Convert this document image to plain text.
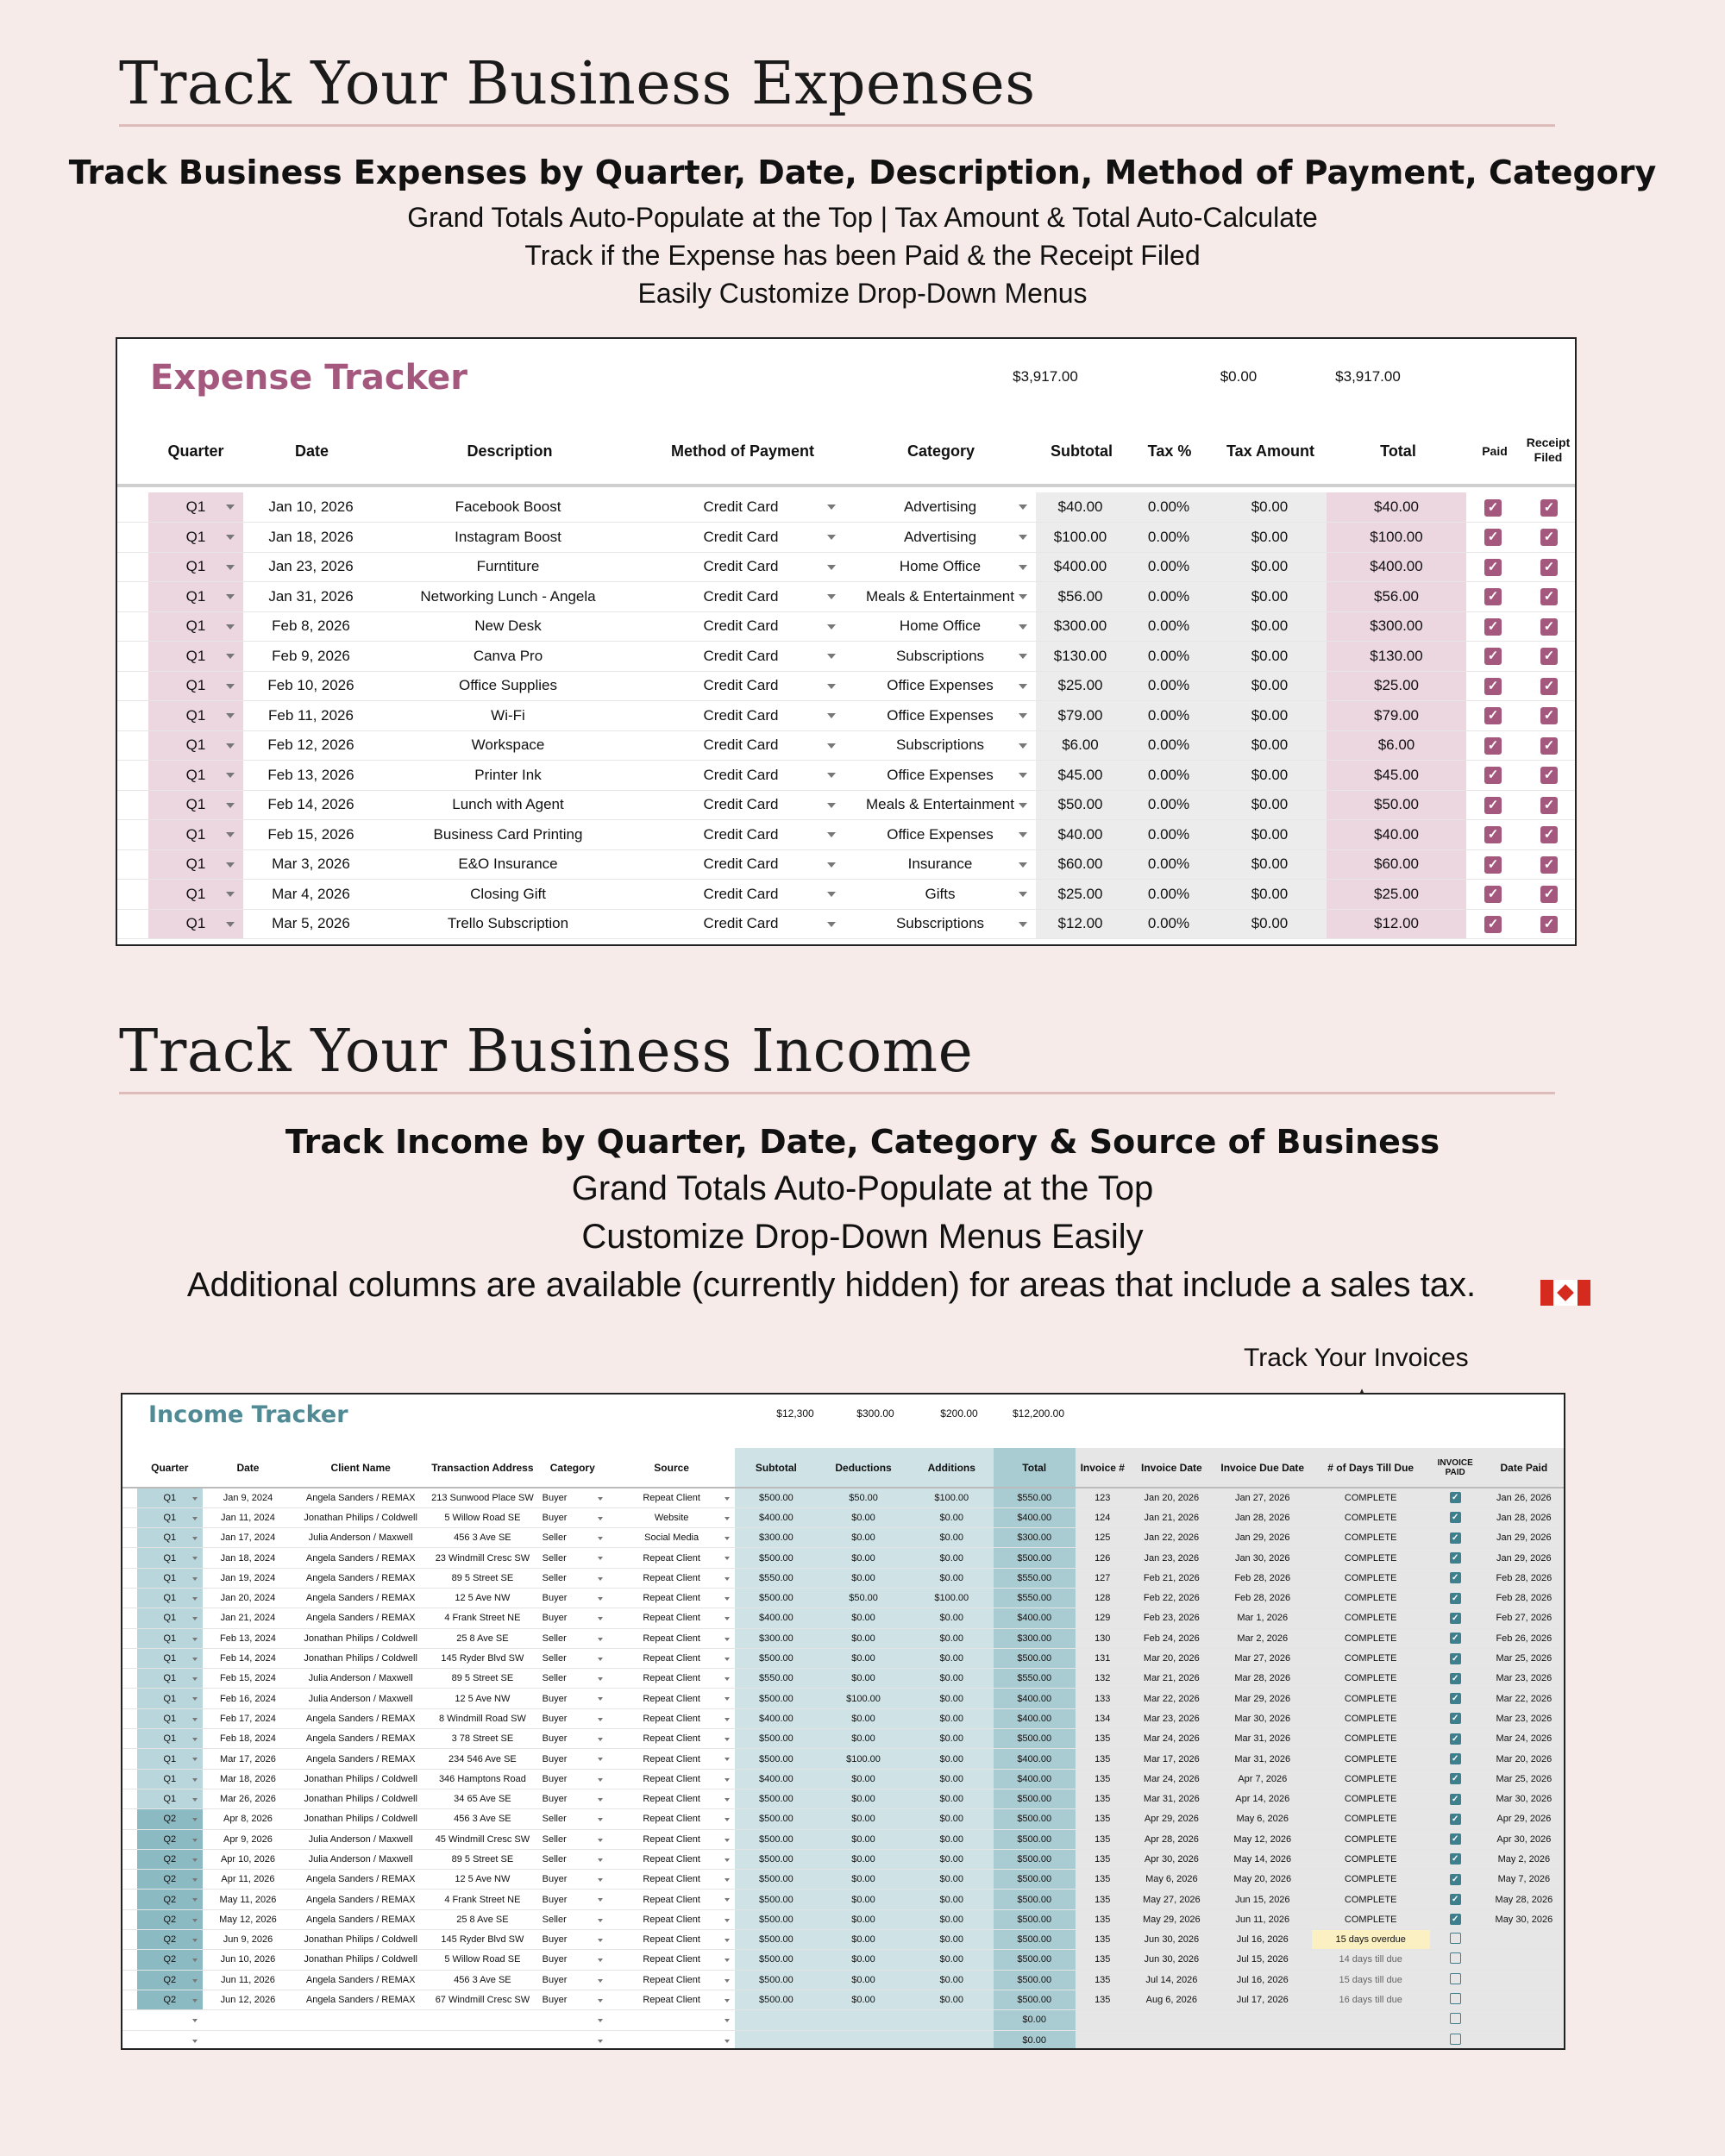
Track Your Business Expenses
Track Business Expenses by Quarter, Date, Description, Method of Payment, Category
Grand Totals Auto-Populate at the Top | Tax Amount & Total Auto-Calculate
Track if the Expense has been Paid & the Receipt Filed
Easily Customize Drop-Down Menus
Expense Tracker	$3,917.00	$0.00	$3,917.00
Quarter	Date	Description	Method of Payment	Category	Subtotal	Tax %	Tax Amount	Total	Paid
Receipt Filed
	Q1	Jan 10, 2026	Facebook Boost	Credit Card	Advertising	$40.00	0.00%	$0.00	$40.00	✓	✓
	Q1	Jan 18, 2026	Instagram Boost	Credit Card	Advertising	$100.00	0.00%	$0.00	$100.00	✓	✓
	Q1	Jan 23, 2026	Furntiture	Credit Card	Home Office	$400.00	0.00%	$0.00	$400.00	✓	✓
	Q1	Jan 31, 2026	Networking Lunch - Angela	Credit Card	Meals & Entertainment	$56.00	0.00%	$0.00	$56.00	✓	✓
	Q1	Feb 8, 2026	New Desk	Credit Card	Home Office	$300.00	0.00%	$0.00	$300.00	✓	✓
	Q1	Feb 9, 2026	Canva Pro	Credit Card	Subscriptions	$130.00	0.00%	$0.00	$130.00	✓	✓
	Q1	Feb 10, 2026	Office Supplies	Credit Card	Office Expenses	$25.00	0.00%	$0.00	$25.00	✓	✓
	Q1	Feb 11, 2026	Wi-Fi	Credit Card	Office Expenses	$79.00	0.00%	$0.00	$79.00	✓	✓
	Q1	Feb 12, 2026	Workspace	Credit Card	Subscriptions	$6.00	0.00%	$0.00	$6.00	✓	✓
	Q1	Feb 13, 2026	Printer Ink	Credit Card	Office Expenses	$45.00	0.00%	$0.00	$45.00	✓	✓
	Q1	Feb 14, 2026	Lunch with Agent	Credit Card	Meals & Entertainment	$50.00	0.00%	$0.00	$50.00	✓	✓
	Q1	Feb 15, 2026	Business Card Printing	Credit Card	Office Expenses	$40.00	0.00%	$0.00	$40.00	✓	✓
	Q1	Mar 3, 2026	E&O Insurance	Credit Card	Insurance	$60.00	0.00%	$0.00	$60.00	✓	✓
	Q1	Mar 4, 2026	Closing Gift	Credit Card	Gifts	$25.00	0.00%	$0.00	$25.00	✓	✓
	Q1	Mar 5, 2026	Trello Subscription	Credit Card	Subscriptions	$12.00	0.00%	$0.00	$12.00	✓	✓
Track Your Business Income
Track Income by Quarter, Date, Category & Source of Business
Grand Totals Auto-Populate at the Top
Customize Drop-Down Menus Easily
Additional columns are available (currently hidden) for areas that include a sales tax.
Track Your Invoices
Income Tracker	$12,300	$300.00	$200.00	$12,200.00
	Quarter	Date	Client Name	Transaction Address	Category	Source	Subtotal	Deductions	Additions	Total	Invoice #	Invoice Date	Invoice Due Date	# of Days Till Due	INVOICE PAID	Date Paid
	Q1	Jan 9, 2024	Angela Sanders / REMAX	213 Sunwood Place SW	Buyer	Repeat Client	$500.00	$50.00	$100.00	$550.00	123	Jan 20, 2026	Jan 27, 2026	COMPLETE	✓	Jan 26, 2026
	Q1	Jan 11, 2024	Jonathan Philips / Coldwell	5 Willow Road SE	Buyer	Website	$400.00	$0.00	$0.00	$400.00	124	Jan 21, 2026	Jan 28, 2026	COMPLETE	✓	Jan 28, 2026
	Q1	Jan 17, 2024	Julia Anderson / Maxwell	456 3 Ave SE	Seller	Social Media	$300.00	$0.00	$0.00	$300.00	125	Jan 22, 2026	Jan 29, 2026	COMPLETE	✓	Jan 29, 2026
	Q1	Jan 18, 2024	Angela Sanders / REMAX	23 Windmill Cresc SW	Seller	Repeat Client	$500.00	$0.00	$0.00	$500.00	126	Jan 23, 2026	Jan 30, 2026	COMPLETE	✓	Jan 29, 2026
	Q1	Jan 19, 2024	Angela Sanders / REMAX	89 5 Street SE	Seller	Repeat Client	$550.00	$0.00	$0.00	$550.00	127	Feb 21, 2026	Feb 28, 2026	COMPLETE	✓	Feb 28, 2026
	Q1	Jan 20, 2024	Angela Sanders / REMAX	12 5 Ave NW	Buyer	Repeat Client	$500.00	$50.00	$100.00	$550.00	128	Feb 22, 2026	Feb 28, 2026	COMPLETE	✓	Feb 28, 2026
	Q1	Jan 21, 2024	Angela Sanders / REMAX	4 Frank Street NE	Buyer	Repeat Client	$400.00	$0.00	$0.00	$400.00	129	Feb 23, 2026	Mar 1, 2026	COMPLETE	✓	Feb 27, 2026
	Q1	Feb 13, 2024	Jonathan Philips / Coldwell	25 8 Ave SE	Seller	Repeat Client	$300.00	$0.00	$0.00	$300.00	130	Feb 24, 2026	Mar 2, 2026	COMPLETE	✓	Feb 26, 2026
	Q1	Feb 14, 2024	Jonathan Philips / Coldwell	145 Ryder Blvd SW	Seller	Repeat Client	$500.00	$0.00	$0.00	$500.00	131	Mar 20, 2026	Mar 27, 2026	COMPLETE	✓	Mar 25, 2026
	Q1	Feb 15, 2024	Julia Anderson / Maxwell	89 5 Street SE	Seller	Repeat Client	$550.00	$0.00	$0.00	$550.00	132	Mar 21, 2026	Mar 28, 2026	COMPLETE	✓	Mar 23, 2026
	Q1	Feb 16, 2024	Julia Anderson / Maxwell	12 5 Ave NW	Buyer	Repeat Client	$500.00	$100.00	$0.00	$400.00	133	Mar 22, 2026	Mar 29, 2026	COMPLETE	✓	Mar 22, 2026
	Q1	Feb 17, 2024	Angela Sanders / REMAX	8 Windmill Road SW	Buyer	Repeat Client	$400.00	$0.00	$0.00	$400.00	134	Mar 23, 2026	Mar 30, 2026	COMPLETE	✓	Mar 23, 2026
	Q1	Feb 18, 2024	Angela Sanders / REMAX	3 78 Street SE	Buyer	Repeat Client	$500.00	$0.00	$0.00	$500.00	135	Mar 24, 2026	Mar 31, 2026	COMPLETE	✓	Mar 24, 2026
	Q1	Mar 17, 2026	Angela Sanders / REMAX	234 546 Ave SE	Buyer	Repeat Client	$500.00	$100.00	$0.00	$400.00	135	Mar 17, 2026	Mar 31, 2026	COMPLETE	✓	Mar 20, 2026
	Q1	Mar 18, 2026	Jonathan Philips / Coldwell	346 Hamptons Road	Buyer	Repeat Client	$400.00	$0.00	$0.00	$400.00	135	Mar 24, 2026	Apr 7, 2026	COMPLETE	✓	Mar 25, 2026
	Q1	Mar 26, 2026	Jonathan Philips / Coldwell	34 65 Ave SE	Buyer	Repeat Client	$500.00	$0.00	$0.00	$500.00	135	Mar 31, 2026	Apr 14, 2026	COMPLETE	✓	Mar 30, 2026
	Q2	Apr 8, 2026	Jonathan Philips / Coldwell	456 3 Ave SE	Seller	Repeat Client	$500.00	$0.00	$0.00	$500.00	135	Apr 29, 2026	May 6, 2026	COMPLETE	✓	Apr 29, 2026
	Q2	Apr 9, 2026	Julia Anderson / Maxwell	45 Windmill Cresc SW	Seller	Repeat Client	$500.00	$0.00	$0.00	$500.00	135	Apr 28, 2026	May 12, 2026	COMPLETE	✓	Apr 30, 2026
	Q2	Apr 10, 2026	Julia Anderson / Maxwell	89 5 Street SE	Seller	Repeat Client	$500.00	$0.00	$0.00	$500.00	135	Apr 30, 2026	May 14, 2026	COMPLETE	✓	May 2, 2026
	Q2	Apr 11, 2026	Angela Sanders / REMAX	12 5 Ave NW	Buyer	Repeat Client	$500.00	$0.00	$0.00	$500.00	135	May 6, 2026	May 20, 2026	COMPLETE	✓	May 7, 2026
	Q2	May 11, 2026	Angela Sanders / REMAX	4 Frank Street NE	Buyer	Repeat Client	$500.00	$0.00	$0.00	$500.00	135	May 27, 2026	Jun 15, 2026	COMPLETE	✓	May 28, 2026
	Q2	May 12, 2026	Angela Sanders / REMAX	25 8 Ave SE	Seller	Repeat Client	$500.00	$0.00	$0.00	$500.00	135	May 29, 2026	Jun 11, 2026	COMPLETE	✓	May 30, 2026
	Q2	Jun 9, 2026	Jonathan Philips / Coldwell	145 Ryder Blvd SW	Buyer	Repeat Client	$500.00	$0.00	$0.00	$500.00	135	Jun 30, 2026	Jul 16, 2026	15 days overdue		
	Q2	Jun 10, 2026	Jonathan Philips / Coldwell	5 Willow Road SE	Buyer	Repeat Client	$500.00	$0.00	$0.00	$500.00	135	Jun 30, 2026	Jul 15, 2026	14 days till due		
	Q2	Jun 11, 2026	Angela Sanders / REMAX	456 3 Ave SE	Buyer	Repeat Client	$500.00	$0.00	$0.00	$500.00	135	Jul 14, 2026	Jul 16, 2026	15 days till due		
	Q2	Jun 12, 2026	Angela Sanders / REMAX	67 Windmill Cresc SW	Buyer	Repeat Client	$500.00	$0.00	$0.00	$500.00	135	Aug 6, 2026	Jul 17, 2026	16 days till due		

				$0.00						

				$0.00						
